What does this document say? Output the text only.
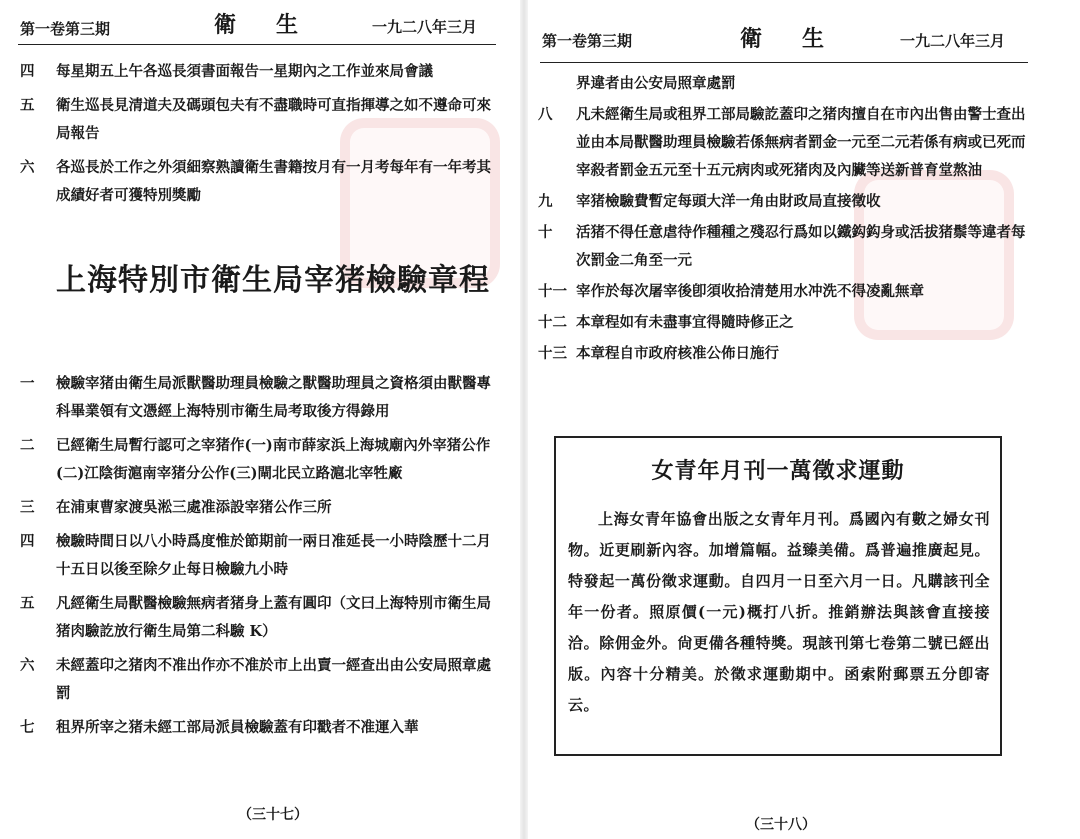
第一卷第三期	衛生 一九二八年三月
四	每星期五上午各巡長須書面報告一星期內之工作並來局會議
五	衛生巡長見清道夫及碼頭包夫有不盡職時可直指揮導之如不遵命可來局報告
六	各巡長於工作之外須細察熟讀衛生書籍按月有一月考每年有一年考其成績好者可獲特別獎勵
上海特別市衛生局宰猪檢驗章程
一	檢驗宰猪由衛生局派獸醫助理員檢驗之獸醫助理員之資格須由獸醫專科畢業領有文憑經上海特別市衛生局考取後方得錄用
二	已經衛生局暫行認可之宰猪作(一)南市薛家浜上海城廟內外宰猪公作(二)江陰街滬南宰猪分公作(三)閘北民立路滬北宰牲廠
三	在浦東曹家渡吳淞三處准添設宰猪公作三所
四	檢驗時間日以八小時爲度惟於節期前一兩日准延長一小時陰歷十二月十五日以後至除夕止每日檢驗九小時
五	凡經衛生局獸醫檢驗無病者猪身上蓋有圓印（文曰上海特別市衛生局猪肉驗訖放行衛生局第二科驗 K）
六	未經蓋印之猪肉不准出作亦不准於市上出賣一經查出由公安局照章處罰
七	租界所宰之猪未經工部局派員檢驗蓋有印戳者不准運入華
（三十七）
第一卷第三期	衛生 一九二八年三月
界違者由公安局照章處罰
八	凡未經衛生局或租界工部局驗訖蓋印之猪肉擅自在市內出售由警士查出並由本局獸醫助理員檢驗若係無病者罰金一元至二元若係有病或已死而宰殺者罰金五元至十五元病肉或死猪肉及內臟等送新普育堂熬油
九	宰猪檢驗費暫定每頭大洋一角由財政局直接徵收
十	活猪不得任意虐待作種種之殘忍行爲如以鐵鈎鈎身或活拔猪鬃等違者每次罰金二角至一元
十一 宰作於每次屠宰後卽須收拾清楚用水冲洗不得凌亂無章
十二 本章程如有未盡事宜得隨時修正之
十三 本章程自市政府核准公佈日施行
女青年月刊一萬徵求運動
上海女青年協會出版之女青年月刊。爲國內有數之婦女刊物。近更刷新內容。加增篇幅。益臻美備。爲普遍推廣起見。特發起一萬份徵求運動。自四月一日至六月一日。凡購該刊全年一份者。照原價(一元)概打八折。推銷辦法與該會直接接洽。除佣金外。尙更備各種特獎。現該刊第七卷第二號已經出版。內容十分精美。於徵求運動期中。函索附郵票五分卽寄云。
（三十八）
